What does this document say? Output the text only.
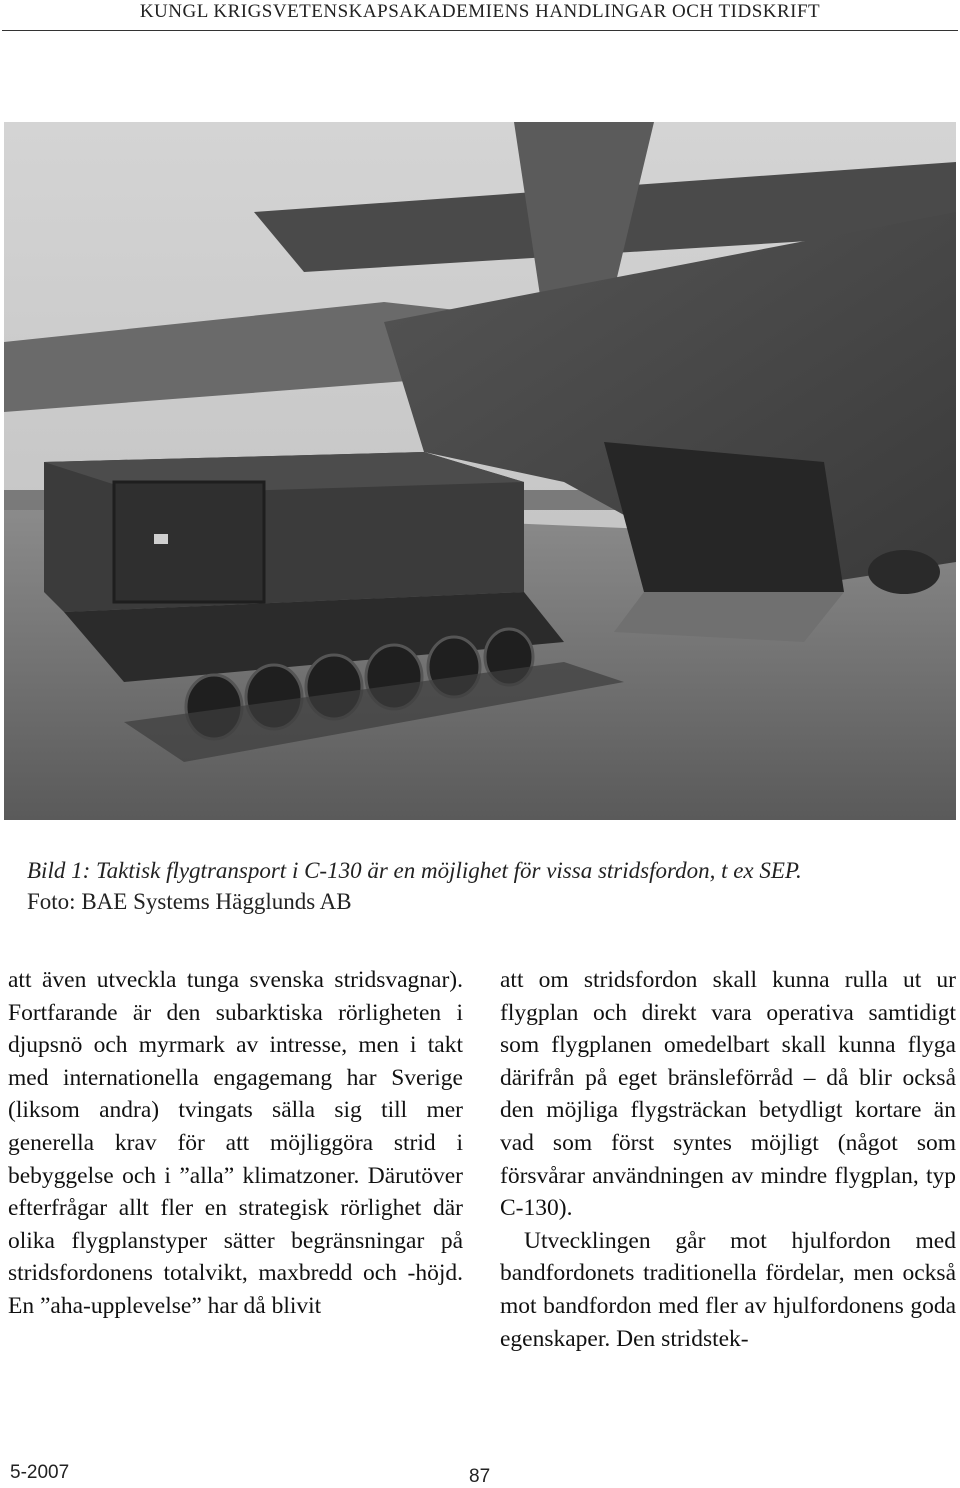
KUNGL KRIGSVETENSKAPSAKADEMIENS HANDLINGAR OCH TIDSKRIFT
Bild 1: Taktisk flygtransport i C-130 är en möjlighet för vissa stridsfordon, t ex SEP.
Foto: BAE Systems Hägglunds AB

att även utveckla tunga svenska stridsvagnar). Fortfarande är den subarktiska rörligheten i djupsnö och myrmark av intresse, men i takt med internationella engagemang har Sverige (liksom andra) tvingats sälla sig till mer generella krav för att möjliggöra strid i bebyggelse och i ”alla” klimatzoner. Därutöver efterfrågar allt fler en strategisk rörlighet där olika flygplanstyper sätter begränsningar på stridsfordonens totalvikt, maxbredd och -höjd. En ”aha-upplevelse” har då blivit

att om stridsfordon skall kunna rulla ut ur flygplan och direkt vara operativa samtidigt som flygplanen omedelbart skall kunna flyga därifrån på eget bränsleförråd – då blir också den möjliga flygsträckan betydligt kortare än vad som först syntes möjligt (något som försvårar användningen av mindre flygplan, typ C-130).

Utvecklingen går mot hjulfordon med bandfordonets traditionella fördelar, men också mot bandfordon med fler av hjulfordonens goda egenskaper. Den stridstek-

5-2007	87
